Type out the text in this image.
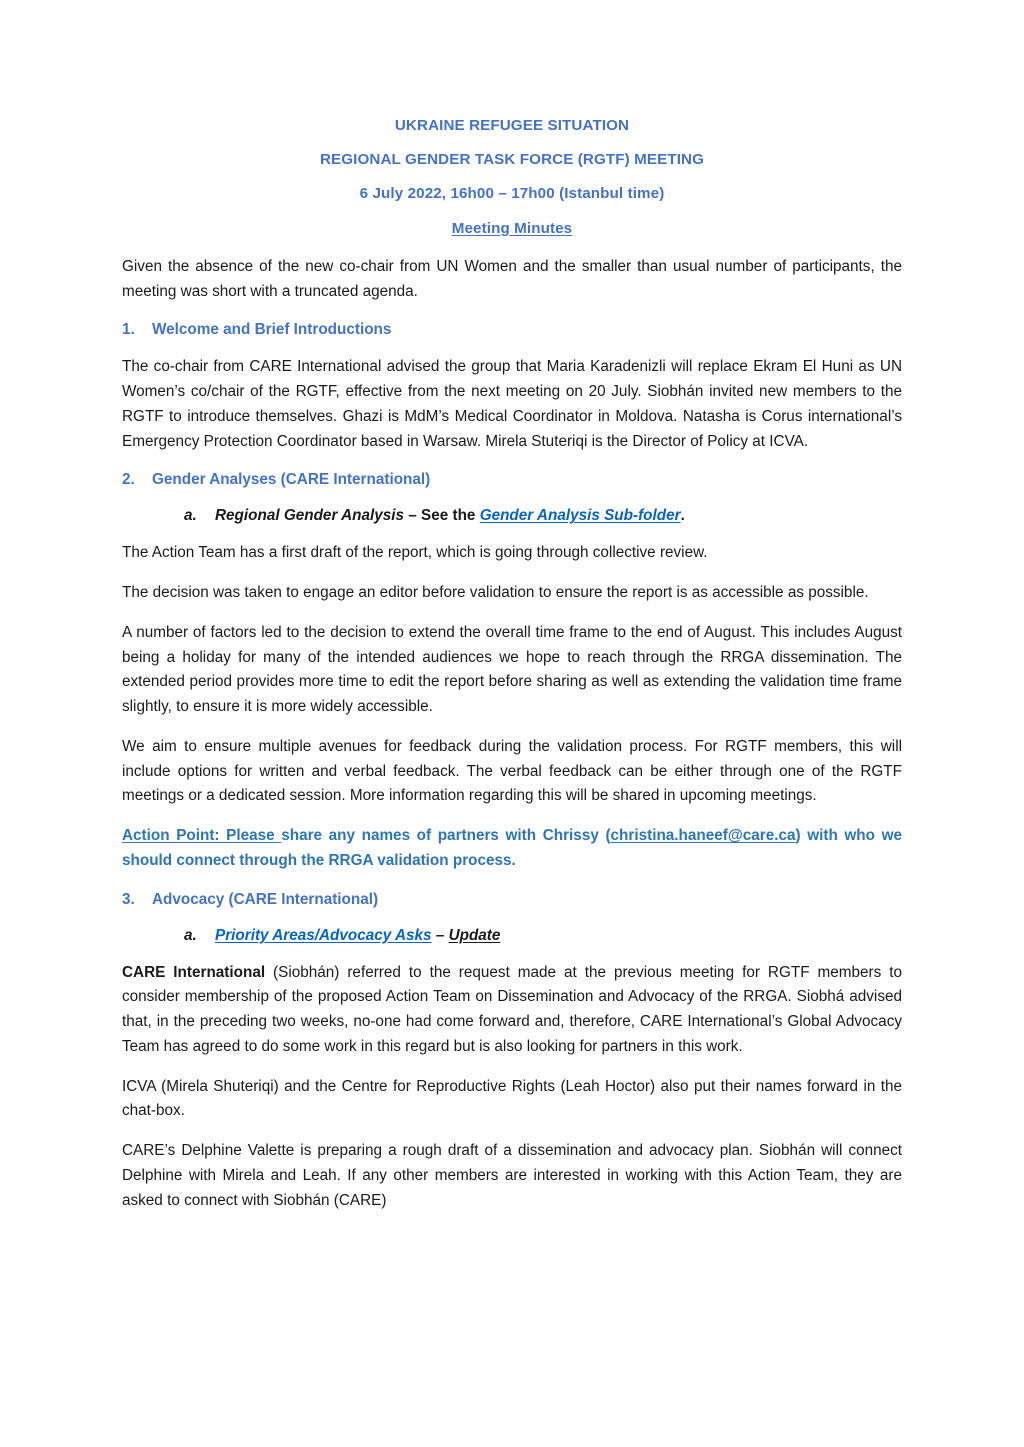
UKRAINE REFUGEE SITUATION
REGIONAL GENDER TASK FORCE (RGTF) MEETING
6 July 2022, 16h00 – 17h00 (Istanbul time)
Meeting Minutes

Given the absence of the new co-chair from UN Women and the smaller than usual number of participants, the meeting was short with a truncated agenda.

1.	Welcome and Brief Introductions

The co-chair from CARE International advised the group that Maria Karadenizli will replace Ekram El Huni as UN Women’s co/chair of the RGTF, effective from the next meeting on 20 July. Siobhán invited new members to the RGTF to introduce themselves. Ghazi is MdM’s Medical Coordinator in Moldova. Natasha is Corus international’s Emergency Protection Coordinator based in Warsaw. Mirela Stuteriqi is the Director of Policy at ICVA.

2.	Gender Analyses (CARE International)
a.	Regional Gender Analysis – See the Gender Analysis Sub-folder.

The Action Team has a first draft of the report, which is going through collective review.

The decision was taken to engage an editor before validation to ensure the report is as accessible as possible.

A number of factors led to the decision to extend the overall time frame to the end of August. This includes August being a holiday for many of the intended audiences we hope to reach through the RRGA dissemination. The extended period provides more time to edit the report before sharing as well as extending the validation time frame slightly, to ensure it is more widely accessible.

We aim to ensure multiple avenues for feedback during the validation process. For RGTF members, this will include options for written and verbal feedback. The verbal feedback can be either through one of the RGTF meetings or a dedicated session. More information regarding this will be shared in upcoming meetings.

Action Point: Please share any names of partners with Chrissy (christina.haneef@care.ca) with who we should connect through the RRGA validation process.

3.	Advocacy (CARE International)
a.	Priority Areas/Advocacy Asks – Update

CARE International (Siobhán) referred to the request made at the previous meeting for RGTF members to consider membership of the proposed Action Team on Dissemination and Advocacy of the RRGA. Siobhá advised that, in the preceding two weeks, no-one had come forward and, therefore, CARE International’s Global Advocacy Team has agreed to do some work in this regard but is also looking for partners in this work.

ICVA (Mirela Shuteriqi) and the Centre for Reproductive Rights (Leah Hoctor) also put their names forward in the chat-box.

CARE’s Delphine Valette is preparing a rough draft of a dissemination and advocacy plan. Siobhán will connect Delphine with Mirela and Leah. If any other members are interested in working with this Action Team, they are asked to connect with Siobhán (CARE)
